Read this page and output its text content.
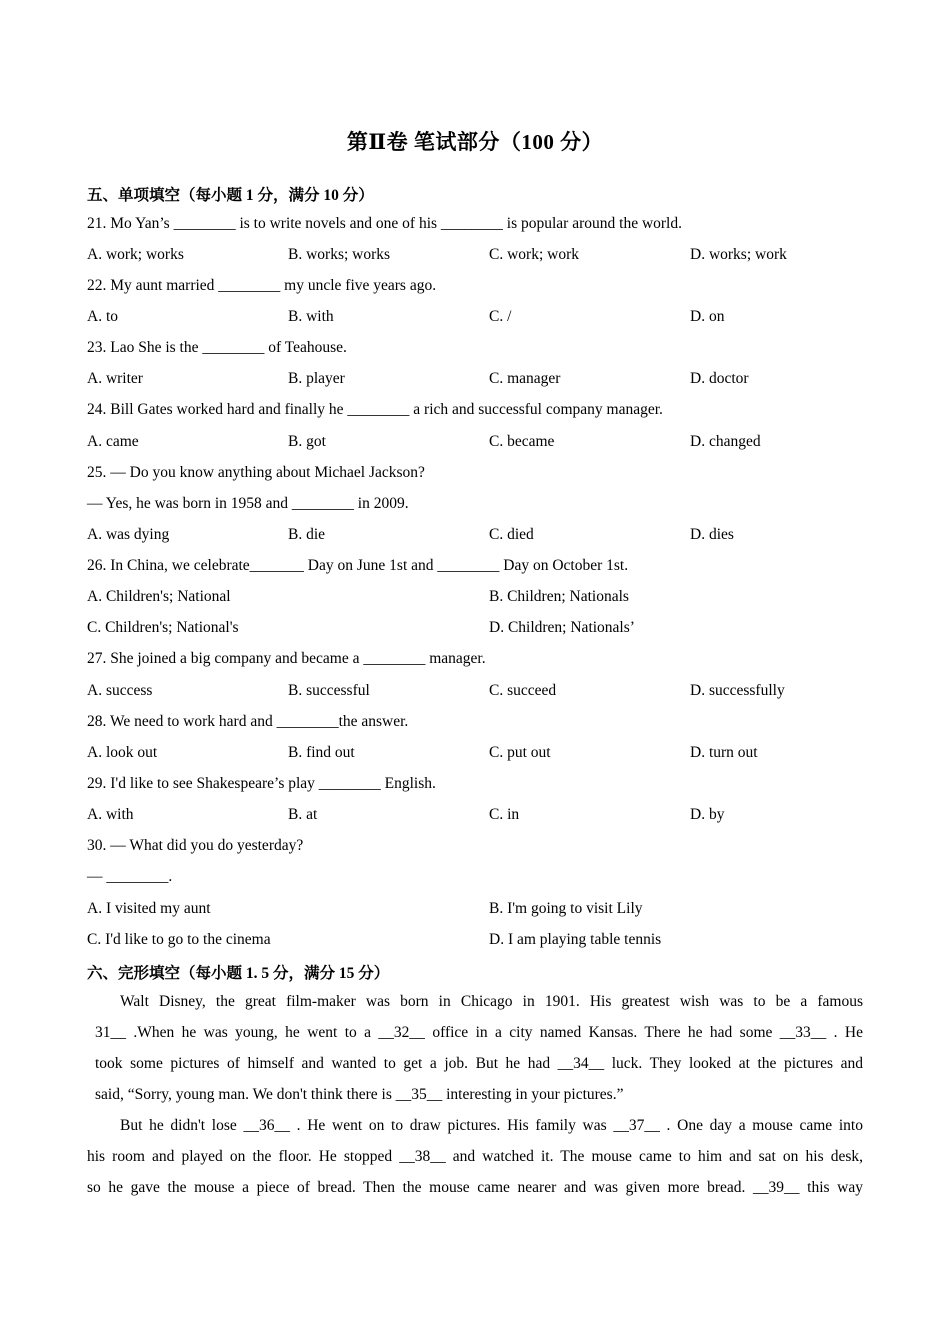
第Ⅱ卷 笔试部分（100 分）
五、单项填空（每小题 1 分，满分 10 分）
21. Mo Yan’s ________ is to write novels and one of his ________ is popular around the world.
A. work; works	B. works; works	C. work; work	D. works; work
22. My aunt married ________ my uncle five years ago.
A. to	B. with	C. /	D. on
23. Lao She is the ________ of Teahouse.
A. writer	B. player	C. manager	D. doctor
24. Bill Gates worked hard and finally he ________ a rich and successful company manager.
A. came	B. got	C. became	D. changed
25. — Do you know anything about Michael Jackson?
— Yes, he was born in 1958 and ________ in 2009.
A. was dying	B. die	C. died	D. dies
26. In China, we celebrate_______ Day on June 1st and ________ Day on October 1st.
A. Children's; National	B. Children; Nationals
C. Children's; National's	D. Children; Nationals’
27. She joined a big company and became a ________ manager.
A. success	B. successful	C. succeed	D. successfully
28. We need to work hard and ________the answer.
A. look out	B. find out	C. put out	D. turn out
29. I'd like to see Shakespeare’s play ________ English.
A. with	B. at	C. in	D. by
30. — What did you do yesterday?
— ________.
A. I visited my aunt	B. I'm going to visit Lily
C. I'd like to go to the cinema	D. I am playing table tennis
六、完形填空（每小题 1. 5 分，满分 15 分）
Walt Disney, the great film-maker was born in Chicago in 1901. His greatest wish was to be a famous
31__ .When he was young, he went to a __32__ office in a city named Kansas. There he had some __33__ . He
took some pictures of himself and wanted to get a job. But he had __34__ luck. They looked at the pictures and
said, “Sorry, young man. We don't think there is __35__ interesting in your pictures.”
But he didn't lose __36__ . He went on to draw pictures. His family was __37__ . One day a mouse came into
his room and played on the floor. He stopped __38__ and watched it. The mouse came to him and sat on his desk,
so he gave the mouse a piece of bread. Then the mouse came nearer and was given more bread. __39__ this way
